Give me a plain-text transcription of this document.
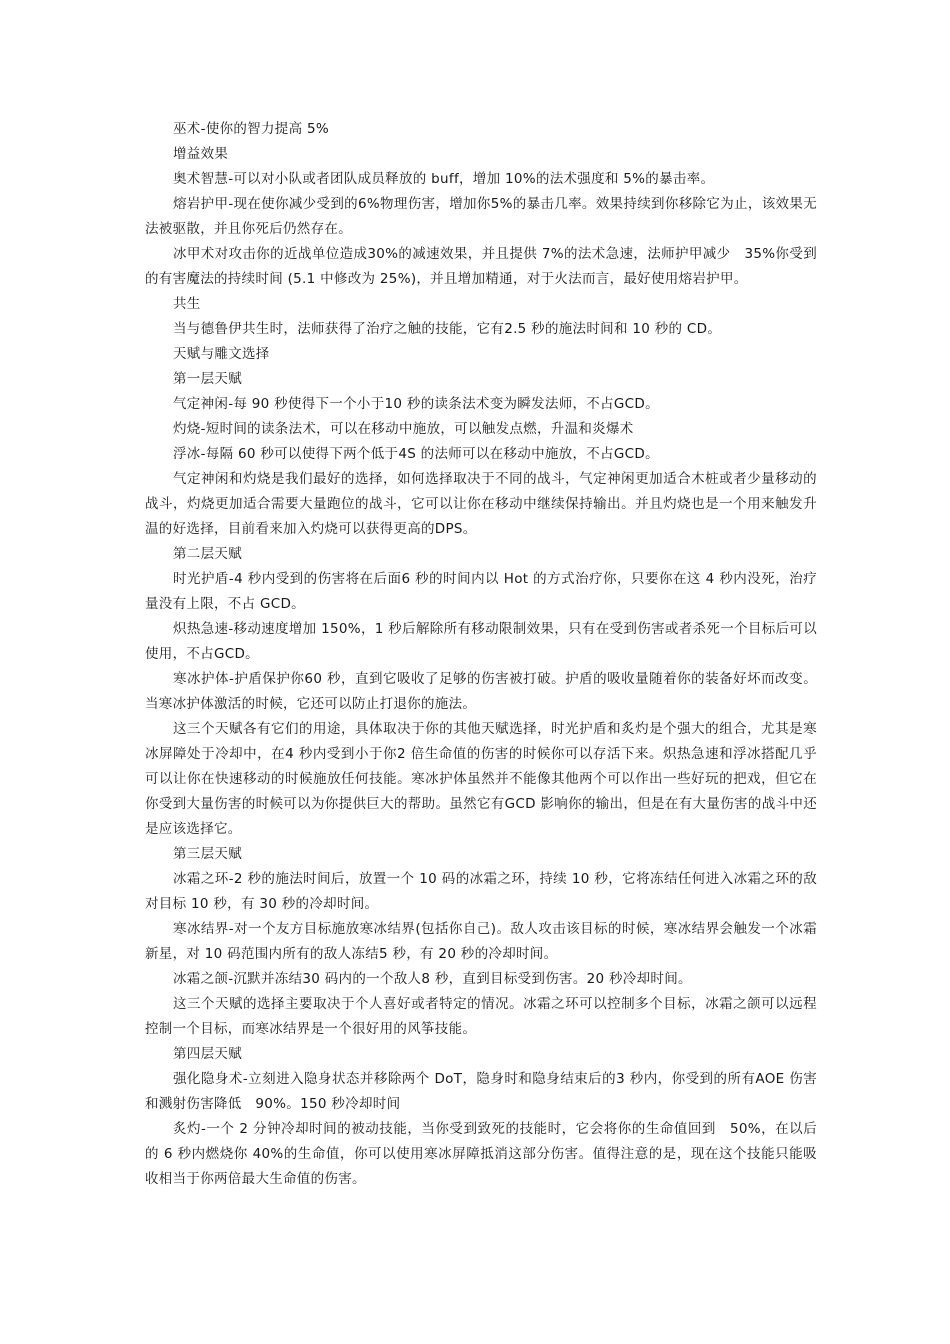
巫术-使你的智力提高 5%

增益效果

奥术智慧-可以对小队或者团队成员释放的 buff，增加 10%的法术强度和 5%的暴击率。

熔岩护甲-现在使你减少受到的6%物理伤害，增加你5%的暴击几率。效果持续到你移除它为止，该效果无法被驱散，并且你死后仍然存在。

冰甲术对攻击你的近战单位造成30%的减速效果，并且提供 7%的法术急速，法师护甲减少　35%你受到的有害魔法的持续时间 (5.1 中修改为 25%)，并且增加精通，对于火法而言，最好使用熔岩护甲。

共生

当与德鲁伊共生时，法师获得了治疗之触的技能，它有2.5 秒的施法时间和 10 秒的 CD。

天赋与雕文选择

第一层天赋

气定神闲-每 90 秒使得下一个小于10 秒的读条法术变为瞬发法师，不占GCD。

灼烧-短时间的读条法术，可以在移动中施放，可以触发点燃，升温和炎爆术

浮冰-每隔 60 秒可以使得下两个低于4S 的法师可以在移动中施放，不占GCD。

气定神闲和灼烧是我们最好的选择，如何选择取决于不同的战斗，气定神闲更加适合木桩或者少量移动的战斗，灼烧更加适合需要大量跑位的战斗，它可以让你在移动中继续保持输出。并且灼烧也是一个用来触发升温的好选择，目前看来加入灼烧可以获得更高的DPS。

第二层天赋

时光护盾-4 秒内受到的伤害将在后面6 秒的时间内以 Hot 的方式治疗你，只要你在这 4 秒内没死，治疗量没有上限，不占 GCD。

炽热急速-移动速度增加 150%，1 秒后解除所有移动限制效果，只有在受到伤害或者杀死一个目标后可以使用，不占GCD。

寒冰护体-护盾保护你60 秒，直到它吸收了足够的伤害被打破。护盾的吸收量随着你的装备好坏而改变。当寒冰护体激活的时候，它还可以防止打退你的施法。

这三个天赋各有它们的用途，具体取决于你的其他天赋选择，时光护盾和炙灼是个强大的组合，尤其是寒冰屏障处于冷却中，在4 秒内受到小于你2 倍生命值的伤害的时候你可以存活下来。炽热急速和浮冰搭配几乎可以让你在快速移动的时候施放任何技能。寒冰护体虽然并不能像其他两个可以作出一些好玩的把戏，但它在你受到大量伤害的时候可以为你提供巨大的帮助。虽然它有GCD 影响你的输出，但是在有大量伤害的战斗中还是应该选择它。

第三层天赋

冰霜之环-2 秒的施法时间后，放置一个 10 码的冰霜之环，持续 10 秒，它将冻结任何进入冰霜之环的敌对目标 10 秒，有 30 秒的冷却时间。

寒冰结界-对一个友方目标施放寒冰结界(包括你自己)。敌人攻击该目标的时候，寒冰结界会触发一个冰霜新星，对 10 码范围内所有的敌人冻结5 秒，有 20 秒的冷却时间。

冰霜之颌-沉默并冻结30 码内的一个敌人8 秒，直到目标受到伤害。20 秒冷却时间。

这三个天赋的选择主要取决于个人喜好或者特定的情况。冰霜之环可以控制多个目标，冰霜之颌可以远程控制一个目标，而寒冰结界是一个很好用的风筝技能。

第四层天赋

强化隐身术-立刻进入隐身状态并移除两个 DoT，隐身时和隐身结束后的3 秒内，你受到的所有AOE 伤害和溅射伤害降低　90%。150 秒冷却时间

炙灼-一个 2 分钟冷却时间的被动技能，当你受到致死的技能时，它会将你的生命值回到　50%，在以后的 6 秒内燃烧你 40%的生命值，你可以使用寒冰屏障抵消这部分伤害。值得注意的是，现在这个技能只能吸收相当于你两倍最大生命值的伤害。
